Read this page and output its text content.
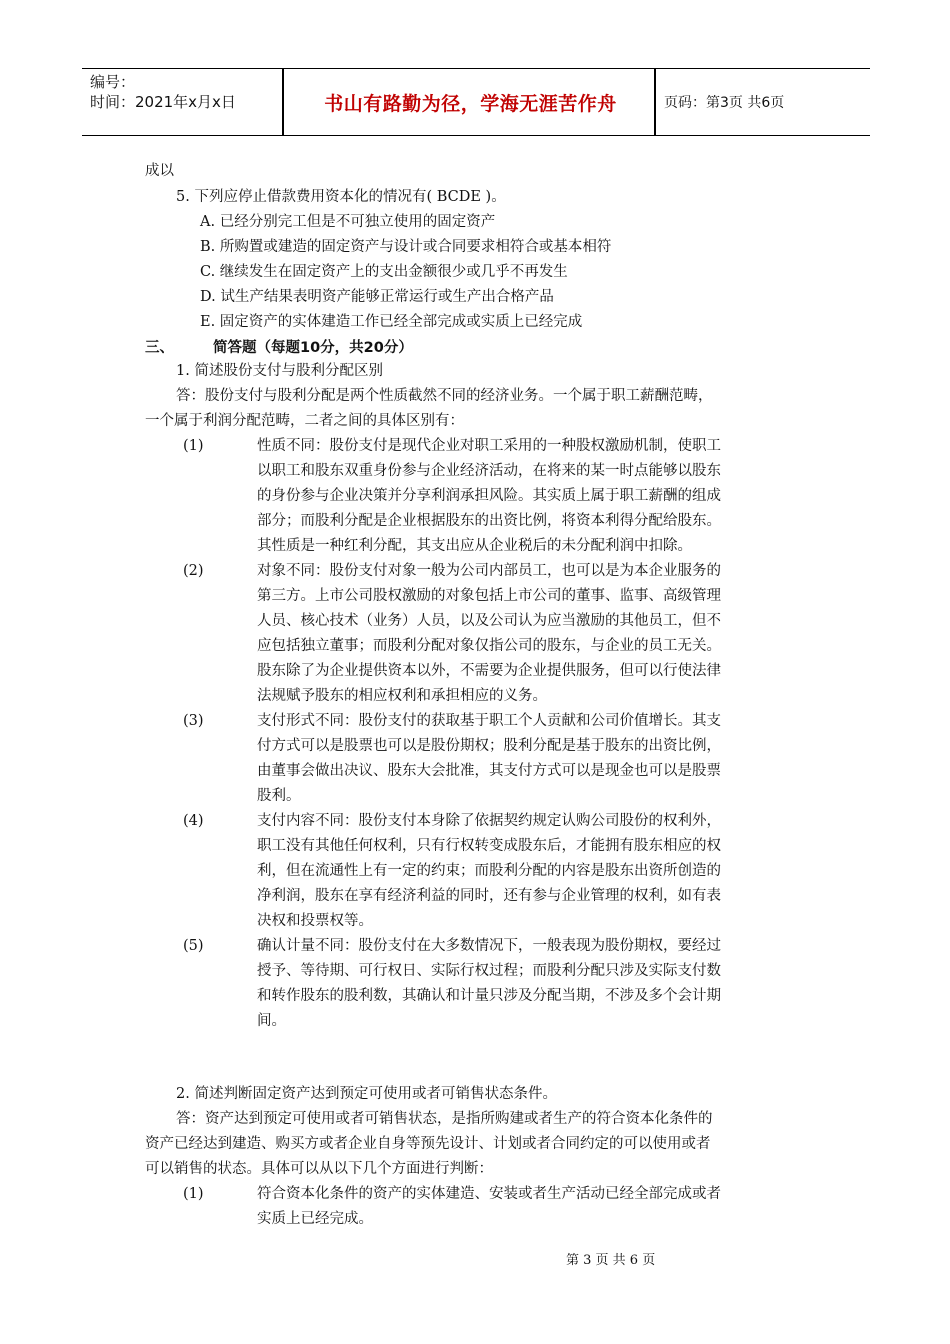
编号：
时间：2021年x月x日	书山有路勤为径，学海无涯苦作舟	页码：第3页 共6页
成以
5. 下列应停止借款费用资本化的情况有( BCDE )。
A. 已经分别完工但是不可独立使用的固定资产
B. 所购置或建造的固定资产与设计或合同要求相符合或基本相符
C. 继续发生在固定资产上的支出金额很少或几乎不再发生
D. 试生产结果表明资产能够正常运行或生产出合格产品
E. 固定资产的实体建造工作已经全部完成或实质上已经完成
三、	简答题（每题10分，共20分）
1. 简述股份支付与股利分配区别
答：股份支付与股利分配是两个性质截然不同的经济业务。一个属于职工薪酬范畴，
一个属于利润分配范畴，二者之间的具体区别有：
(1)	性质不同：股份支付是现代企业对职工采用的一种股权激励机制，使职工
以职工和股东双重身份参与企业经济活动，在将来的某一时点能够以股东
的身份参与企业决策并分享利润承担风险。其实质上属于职工薪酬的组成
部分；而股利分配是企业根据股东的出资比例，将资本利得分配给股东。
其性质是一种红利分配，其支出应从企业税后的未分配利润中扣除。
(2)	对象不同：股份支付对象一般为公司内部员工，也可以是为本企业服务的
第三方。上市公司股权激励的对象包括上市公司的董事、监事、高级管理
人员、核心技术（业务）人员，以及公司认为应当激励的其他员工，但不
应包括独立董事；而股利分配对象仅指公司的股东，与企业的员工无关。
股东除了为企业提供资本以外，不需要为企业提供服务，但可以行使法律
法规赋予股东的相应权利和承担相应的义务。
(3)	支付形式不同：股份支付的获取基于职工个人贡献和公司价值增长。其支
付方式可以是股票也可以是股份期权；股利分配是基于股东的出资比例，
由董事会做出决议、股东大会批准，其支付方式可以是现金也可以是股票
股利。
(4)	支付内容不同：股份支付本身除了依据契约规定认购公司股份的权利外，
职工没有其他任何权利，只有行权转变成股东后，才能拥有股东相应的权
利，但在流通性上有一定的约束；而股利分配的内容是股东出资所创造的
净利润，股东在享有经济利益的同时，还有参与企业管理的权利，如有表
决权和投票权等。
(5)	确认计量不同：股份支付在大多数情况下，一般表现为股份期权，要经过
授予、等待期、可行权日、实际行权过程；而股利分配只涉及实际支付数
和转作股东的股利数，其确认和计量只涉及分配当期，不涉及多个会计期
间。
2. 简述判断固定资产达到预定可使用或者可销售状态条件。
答：资产达到预定可使用或者可销售状态，是指所购建或者生产的符合资本化条件的
资产已经达到建造、购买方或者企业自身等预先设计、计划或者合同约定的可以使用或者
可以销售的状态。具体可以从以下几个方面进行判断：
(1)	符合资本化条件的资产的实体建造、安装或者生产活动已经全部完成或者
实质上已经完成。
第 3 页 共 6 页
